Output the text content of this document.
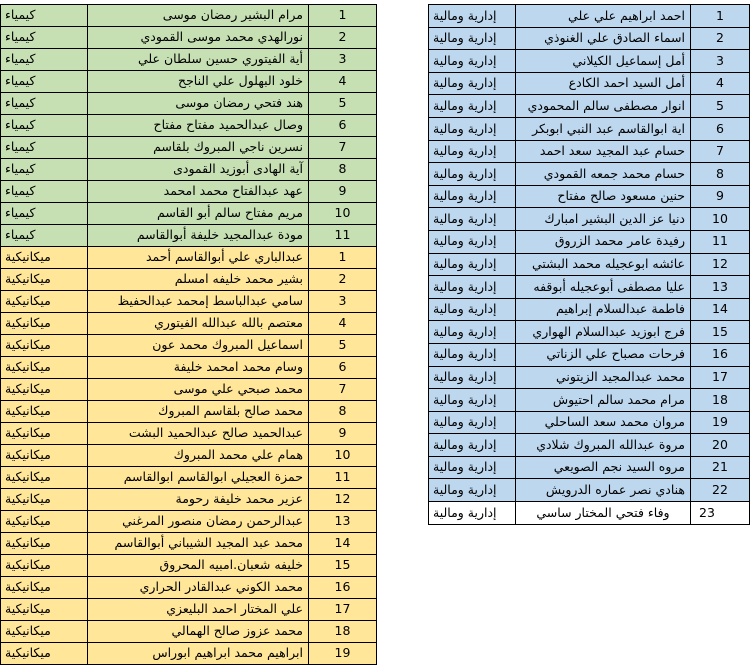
كيمياء	مرام البشير رمضان موسى	1
كيمياء	نورالهدي محمد موسى القمودي	2
كيمياء	أية الفيتوري حسين سلطان علي	3
كيمياء	خلود البهلول علي الناجح	4
كيمياء	هند فتحي رمضان موسى	5
كيمياء	وصال عبدالحميد مفتاح مفتاح	6
كيمياء	نسرين ناجي المبروك بلقاسم	7
كيمياء	آية الهادى أبوزيد القمودى	8
كيمياء	عهد عبدالفتاح محمد امحمد	9
كيمياء	مريم مفتاح سالم أبو القاسم	10
كيمياء	مودة عبدالمجيد خليفة أبوالقاسم	11
ميكانيكية	عبدالباري علي أبوالقاسم أحمد	1
ميكانيكية	بشير محمد خليفه امسلم	2
ميكانيكية	سامي عبدالباسط إمحمد عبدالحفيظ	3
ميكانيكية	معتصم بالله عبدالله الفيتوري	4
ميكانيكية	اسماعيل المبروك محمد عون	5
ميكانيكية	وسام محمد امحمد خليفة	6
ميكانيكية	محمد صبحي علي موسى	7
ميكانيكية	محمد صالح بلقاسم المبروك	8
ميكانيكية	عبدالحميد صالح عبدالحميد البشت	9
ميكانيكية	همام علي محمد المبروك	10
ميكانيكية	حمزة العجيلي ابوالقاسم ابوالقاسم	11
ميكانيكية	عزير محمد خليفة رحومة	12
ميكانيكية	عبدالرحمن رمضان منصور المرغني	13
ميكانيكية	محمد عبد المجيد الشيباني أبوالقاسم	14
ميكانيكية	خليفه شعبان.امبيه المحروق	15
ميكانيكية	محمد الكوني عبدالقادر الحراري	16
ميكانيكية	علي المختار احمد البليعزي	17
ميكانيكية	محمد عزوز صالح الهمالي	18
ميكانيكية	ابراهيم محمد ابراهيم ابوراس	19
إدارية ومالية	احمد ابراهيم علي علي	1
إدارية ومالية	اسماء الصادق علي الغنوذي	2
إدارية ومالية	أمل إسماعيل الكيلاني	3
إدارية ومالية	أمل السيد احمد الكادع	4
إدارية ومالية	انوار مصطفى سالم المحمودي	5
إدارية ومالية	اية ابوالقاسم عبد النبي ابوبكر	6
إدارية ومالية	حسام عبد المجيد سعد احمد	7
إدارية ومالية	حسام محمد جمعه القمودي	8
إدارية ومالية	حنين مسعود صالح مفتاح	9
إدارية ومالية	دنيا عز الدين البشير امبارك	10
إدارية ومالية	رفيدة عامر محمد الزروق	11
إدارية ومالية	عائشه ابوعجيله محمد البشتي	12
إدارية ومالية	عليا مصطفى أبوعجيله أبوقفه	13
إدارية ومالية	فاطمة عبدالسلام إبراهيم	14
إدارية ومالية	فرج ابوزيد عبدالسلام الهواري	15
إدارية ومالية	فرحات مصباح علي الزناتي	16
إدارية ومالية	محمد عبدالمجيد الزيتوني	17
إدارية ومالية	مرام محمد سالم احتيوش	18
إدارية ومالية	مروان محمد سعد الساحلي	19
إدارية ومالية	مروة عبدالله المبروك شلادي	20
إدارية ومالية	مروه السيد نجم الصويعي	21
إدارية ومالية	هنادي نصر عماره الدرويش	22
إدارية ومالية	وفاء فتحي المختار ساسي	23
